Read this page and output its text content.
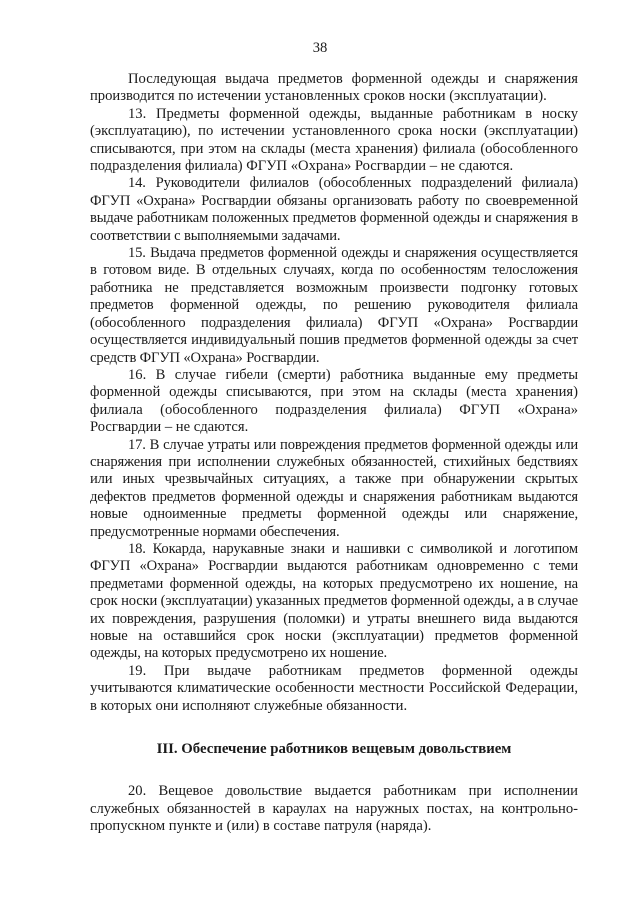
38

Последующая выдача предметов форменной одежды и снаряжения производится по истечении установленных сроков носки (эксплуатации).

13. Предметы форменной одежды, выданные работникам в носку (эксплуатацию), по истечении установленного срока носки (эксплуатации) списываются, при этом на склады (места хранения) филиала (обособленного подразделения филиала) ФГУП «Охрана» Росгвардии – не сдаются.

14. Руководители филиалов (обособленных подразделений филиала) ФГУП «Охрана» Росгвардии обязаны организовать работу по своевременной выдаче работникам положенных предметов форменной одежды и снаряжения в соответствии с выполняемыми задачами.

15. Выдача предметов форменной одежды и снаряжения осуществляется в готовом виде. В отдельных случаях, когда по особенностям телосложения работника не представляется возможным произвести подгонку готовых предметов форменной одежды, по решению руководителя филиала (обособленного подразделения филиала) ФГУП «Охрана» Росгвардии осуществляется индивидуальный пошив предметов форменной одежды за счет средств ФГУП «Охрана» Росгвардии.

16. В случае гибели (смерти) работника выданные ему предметы форменной одежды списываются, при этом на склады (места хранения) филиала (обособленного подразделения филиала) ФГУП «Охрана» Росгвардии – не сдаются.

17. В случае утраты или повреждения предметов форменной одежды или снаряжения при исполнении служебных обязанностей, стихийных бедствиях или иных чрезвычайных ситуациях, а также при обнаружении скрытых дефектов предметов форменной одежды и снаряжения работникам выдаются новые одноименные предметы форменной одежды или снаряжение, предусмотренные нормами обеспечения.

18. Кокарда, нарукавные знаки и нашивки с символикой и логотипом ФГУП «Охрана» Росгвардии выдаются работникам одновременно с теми предметами форменной одежды, на которых предусмотрено их ношение, на срок носки (эксплуатации) указанных предметов форменной одежды, а в случае их повреждения, разрушения (поломки) и утраты внешнего вида выдаются новые на оставшийся срок носки (эксплуатации) предметов форменной одежды, на которых предусмотрено их ношение.

19. При выдаче работникам предметов форменной одежды учитываются климатические особенности местности Российской Федерации, в которых они исполняют служебные обязанности.

III. Обеспечение работников вещевым довольствием

20. Вещевое довольствие выдается работникам при исполнении служебных обязанностей в караулах на наружных постах, на контрольно-пропускном пункте и (или) в составе патруля (наряда).
